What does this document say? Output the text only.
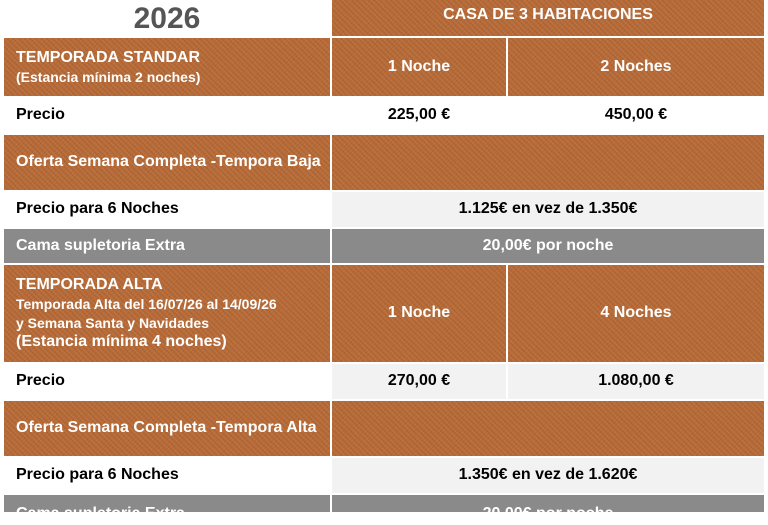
2026	CASA DE 3 HABITACIONES
TEMPORADA STANDAR
(Estancia mínima 2 noches)
1 Noche	2 Noches
Precio	225,00 €	450,00 €
Oferta Semana Completa -Tempora Baja
Precio para 6 Noches	1.125€ en vez de 1.350€
Cama supletoria Extra	20,00€ por noche
TEMPORADA ALTA
Temporada Alta del 16/07/26 al 14/09/26
y Semana Santa y Navidades
(Estancia mínima 4 noches)
1 Noche	4 Noches
Precio	270,00 €	1.080,00 €
Oferta Semana Completa -Tempora Alta
Precio para 6 Noches	1.350€ en vez de 1.620€
Cama supletoria Extra	20,00€ por noche
